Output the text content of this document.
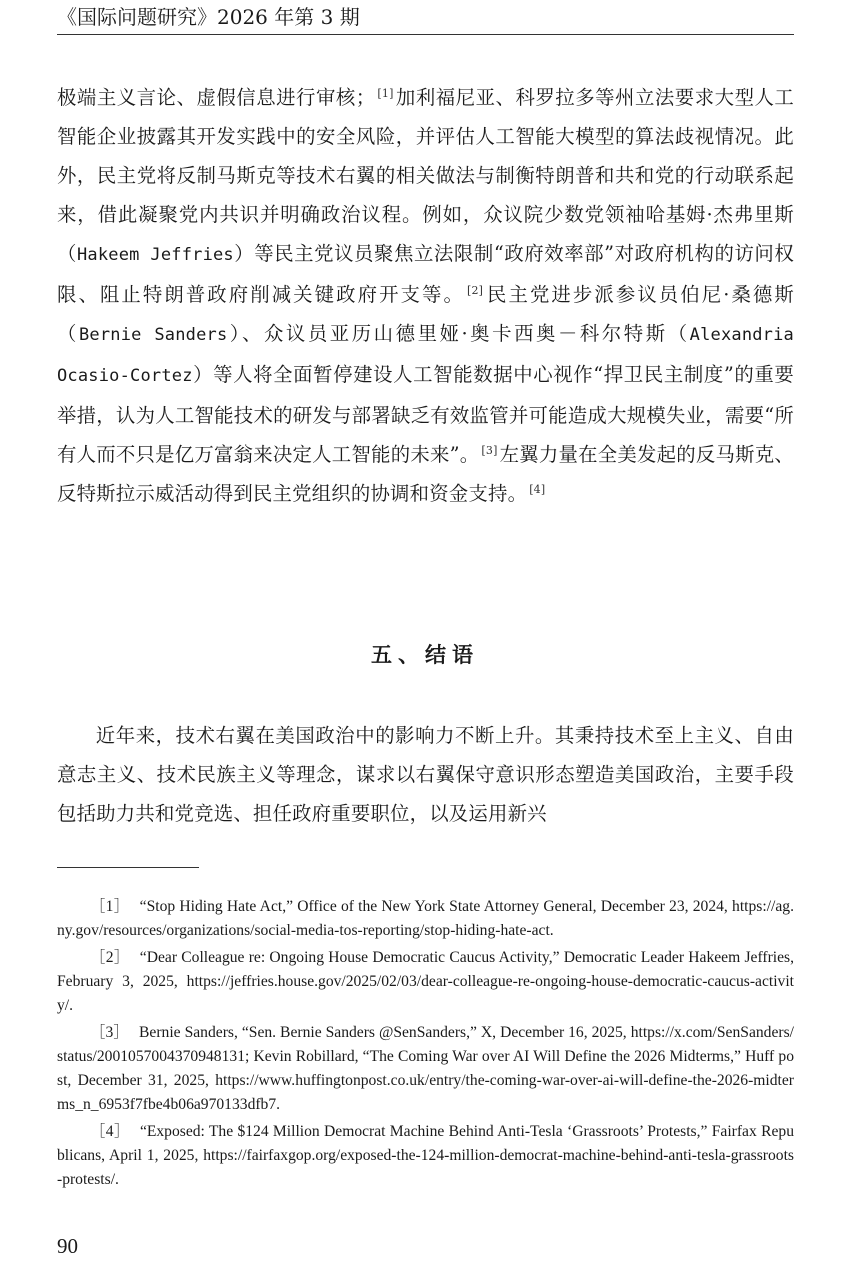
《国际问题研究》2026 年第 3 期

极端主义言论、虚假信息进行审核； [1] 加利福尼亚、科罗拉多等州立法要求大型人工智能企业披露其开发实践中的安全风险，并评估人工智能大模型的算法歧视情况。此外，民主党将反制马斯克等技术右翼的相关做法与制衡特朗普和共和党的行动联系起来，借此凝聚党内共识并明确政治议程。例如，众议院少数党领袖哈基姆·杰弗里斯（Hakeem Jeffries）等民主党议员聚焦立法限制“政府效率部”对政府机构的访问权限、阻止特朗普政府削减关键政府开支等。 [2] 民主党进步派参议员伯尼·桑德斯（Bernie Sanders）、众议员亚历山德里娅·奥卡西奥－科尔特斯（Alexandria Ocasio-Cortez）等人将全面暂停建设人工智能数据中心视作“捍卫民主制度”的重要举措，认为人工智能技术的研发与部署缺乏有效监管并可能造成大规模失业，需要“所有人而不只是亿万富翁来决定人工智能的未来”。 [3] 左翼力量在全美发起的反马斯克、反特斯拉示威活动得到民主党组织的协调和资金支持。 [4]

五、结语

近年来，技术右翼在美国政治中的影响力不断上升。其秉持技术至上主义、自由意志主义、技术民族主义等理念，谋求以右翼保守意识形态塑造美国政治，主要手段包括助力共和党竞选、担任政府重要职位，以及运用新兴

［1］ “Stop Hiding Hate Act,” Office of the New York State Attorney General, December 23, 2024, https://ag.ny.gov/resources/organizations/social-media-tos-reporting/stop-hiding-hate-act.

［2］ “Dear Colleague re: Ongoing House Democratic Caucus Activity,” Democratic Leader Hakeem Jeffries, February 3, 2025, https://jeffries.house.gov/2025/02/03/dear-colleague-re-ongoing-house-democratic-caucus-activity/.

［3］ Bernie Sanders, “Sen. Bernie Sanders @SenSanders,” X, December 16, 2025, https://x.com/SenSanders/status/2001057004370948131; Kevin Robillard, “The Coming War over AI Will Define the 2026 Midterms,” Huff post, December 31, 2025, https://www.huffingtonpost.co.uk/entry/the-coming-war-over-ai-will-define-the-2026-midterms_n_6953f7fbe4b06a970133dfb7.

［4］ “Exposed: The $124 Million Democrat Machine Behind Anti-Tesla ‘Grassroots’ Protests,” Fairfax Republicans, April 1, 2025, https://fairfaxgop.org/exposed-the-124-million-democrat-machine-behind-anti-tesla-grassroots-protests/.

90
